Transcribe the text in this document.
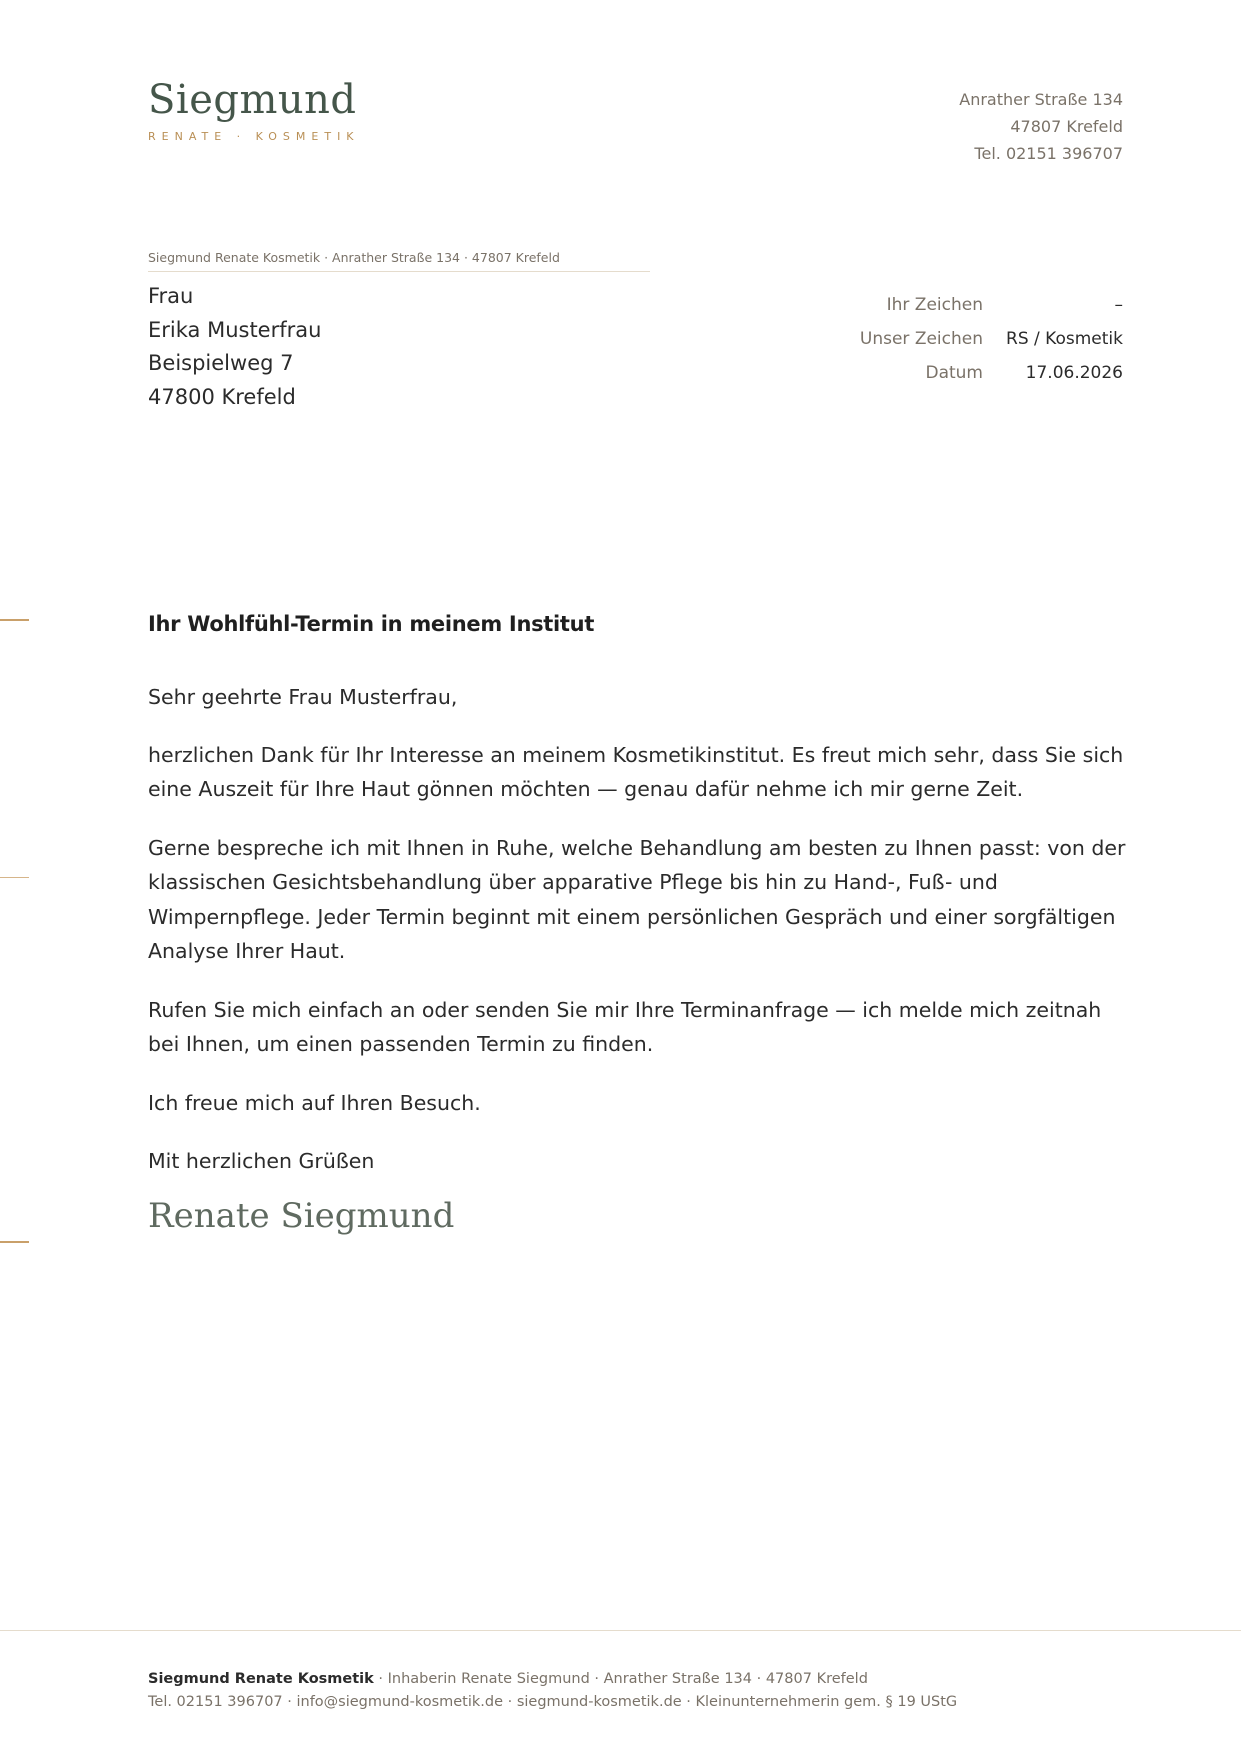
Siegmund
RENATE · KOSMETIK
Anrather Straße 134
47807 Krefeld
Tel. 02151 396707
Siegmund Renate Kosmetik · Anrather Straße 134 · 47807 Krefeld
Frau
Erika Musterfrau
Beispielweg 7
47800 Krefeld
Ihr Zeichen	–
Unser Zeichen	RS / Kosmetik
Datum	17.06.2026
Ihr Wohlfühl-Termin in meinem Institut

Sehr geehrte Frau Musterfrau,

herzlichen Dank für Ihr Interesse an meinem Kosmetikinstitut. Es freut mich sehr, dass Sie sich eine Auszeit für Ihre Haut gönnen möchten — genau dafür nehme ich mir gerne Zeit.

Gerne bespreche ich mit Ihnen in Ruhe, welche Behandlung am besten zu Ihnen passt: von der klassischen Gesichtsbehandlung über apparative Pflege bis hin zu Hand-, Fuß- und Wimpernpflege. Jeder Termin beginnt mit einem persönlichen Gespräch und einer sorgfältigen Analyse Ihrer Haut.

Rufen Sie mich einfach an oder senden Sie mir Ihre Terminanfrage — ich melde mich zeitnah bei Ihnen, um einen passenden Termin zu finden.

Ich freue mich auf Ihren Besuch.

Mit herzlichen Grüßen

Renate Siegmund
Siegmund Renate Kosmetik · Inhaberin Renate Siegmund · Anrather Straße 134 · 47807 Krefeld
Tel. 02151 396707 · info@siegmund-kosmetik.de · siegmund-kosmetik.de · Kleinunternehmerin gem. § 19 UStG
